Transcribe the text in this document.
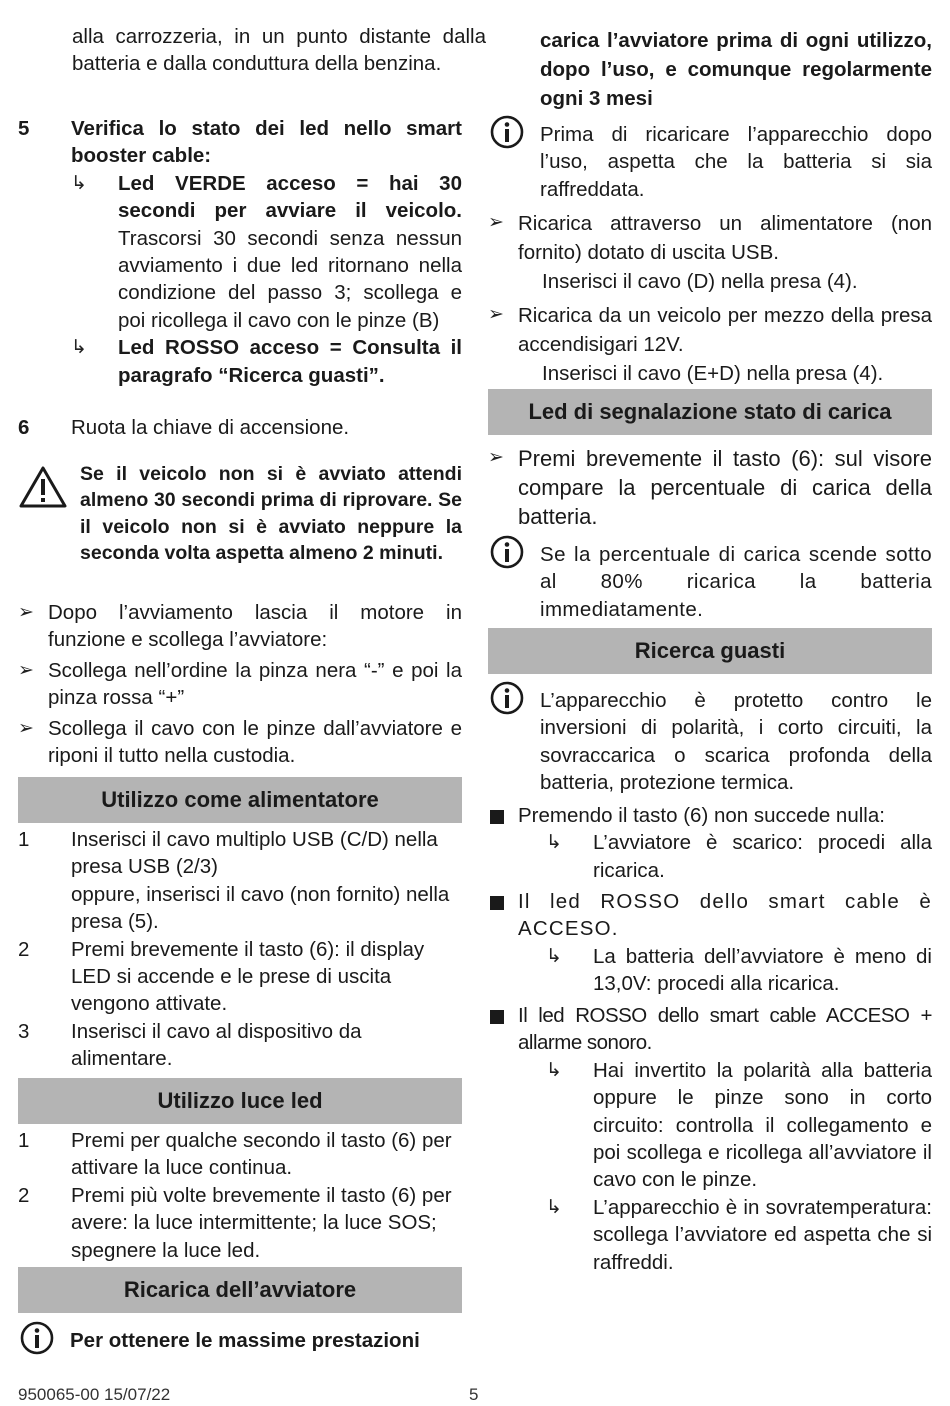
alla carrozzeria, in un punto distante dalla batteria e dalla conduttura della benzina.

5 Verifica lo stato dei led nello smart booster cable:
↳ Led VERDE acceso = hai 30 secondi per avviare il veicolo. Trascorsi 30 secondi senza nessun avviamento i due led ritornano nella condizione del passo 3; scollega e poi ricollega il cavo con le pinze (B)
↳ Led ROSSO acceso = Consulta il paragrafo “Ricerca guasti”.
6 Ruota la chiave di accensione.
Se il veicolo non si è avviato attendi almeno 30 secondi prima di riprovare. Se il veicolo non si è avviato neppure la seconda volta aspetta almeno 2 minuti.
➢ Dopo l’avviamento lascia il motore in funzione e scollega l’avviatore:
➢ Scollega nell’ordine la pinza nera “-” e poi la pinza rossa “+”
➢ Scollega il cavo con le pinze dall’avviatore e riponi il tutto nella custodia.
Utilizzo come alimentatore
1 Inserisci il cavo multiplo USB (C/D) nella presa USB (2/3)
oppure, inserisci il cavo (non fornito) nella presa (5).
2 Premi brevemente il tasto (6): il display LED si accende e le prese di uscita vengono attivate.
3 Inserisci il cavo al dispositivo da alimentare.
Utilizzo luce led
1 Premi per qualche secondo il tasto (6) per attivare la luce continua.
2 Premi più volte brevemente il tasto (6) per avere: la luce intermittente; la luce SOS; spegnere la luce led.
Ricarica dell’avviatore
Per ottenere le massime prestazioni
carica l’avviatore prima di ogni utilizzo, dopo l’uso, e comunque regolarmente ogni 3 mesi
Prima di ricaricare l’apparecchio dopo l’uso, aspetta che la batteria si sia raffreddata.
➢ Ricarica attraverso un alimentatore (non fornito) dotato di uscita USB.
Inserisci il cavo (D) nella presa (4).
➢ Ricarica da un veicolo per mezzo della presa accendisigari 12V.
Inserisci il cavo (E+D) nella presa (4).
Led di segnalazione stato di carica
➢ Premi brevemente il tasto (6): sul visore compare la percentuale di carica della batteria.
Se la percentuale di carica scende sotto al 80% ricarica la batteria immediatamente.
Ricerca guasti
L’apparecchio è protetto contro le inversioni di polarità, i corto circuiti, la sovraccarica o scarica profonda della batteria, protezione termica.
Premendo il tasto (6) non succede nulla:
↳ L’avviatore è scarico: procedi alla ricarica.
Il led ROSSO dello smart cable è ACCESO.
↳ La batteria dell’avviatore è meno di 13,0V: procedi alla ricarica.
Il led ROSSO dello smart cable ACCESO + allarme sonoro.
↳ Hai invertito la polarità alla batteria oppure le pinze sono in corto circuito: controlla il collegamento e poi scollega e ricollega all’avviatore il cavo con le pinze.
↳ L’apparecchio è in sovratemperatura: scollega l’avviatore ed aspetta che si raffreddi.
950065-00 15/07/22	5
